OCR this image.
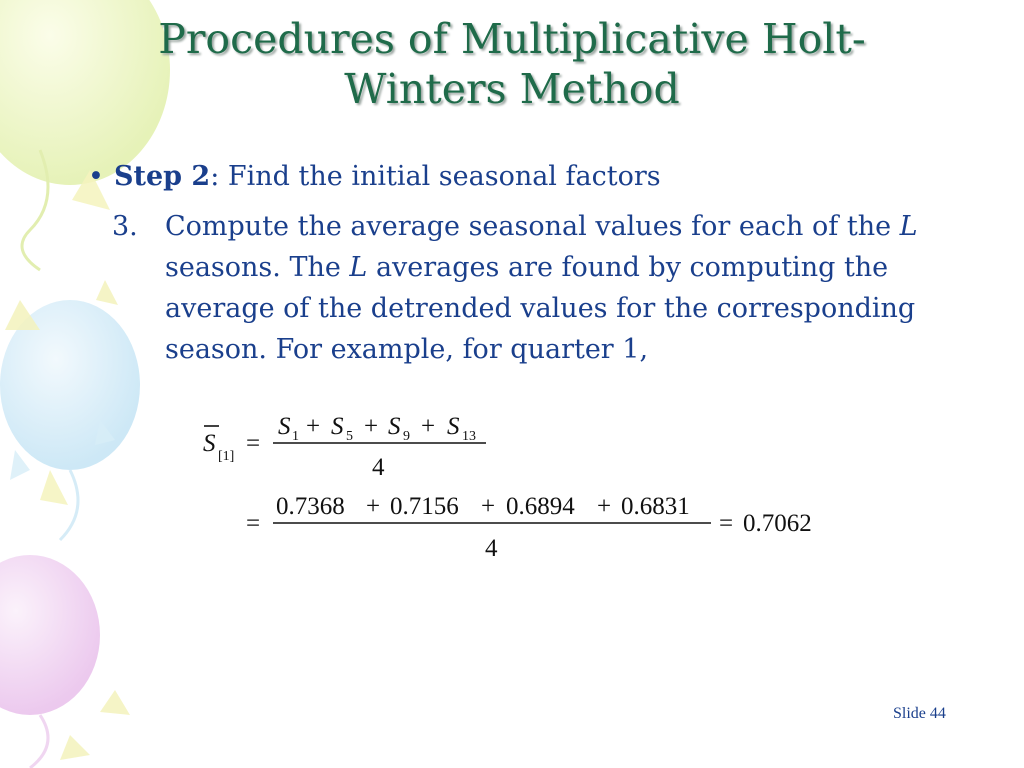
Procedures of Multiplicative Holt-
Winters Method
• Step 2: Find the initial seasonal factors
3. Compute the average seasonal values for each of the L seasons. The L averages are found by computing the average of the detrended values for the corresponding season. For example, for quarter 1,
S [1] =
S 1 + S 5 + S 9 + S 13
4
=
0.7368 + 0.7156 + 0.6894 + 0.6831
4
= 0.7062
Slide 44
